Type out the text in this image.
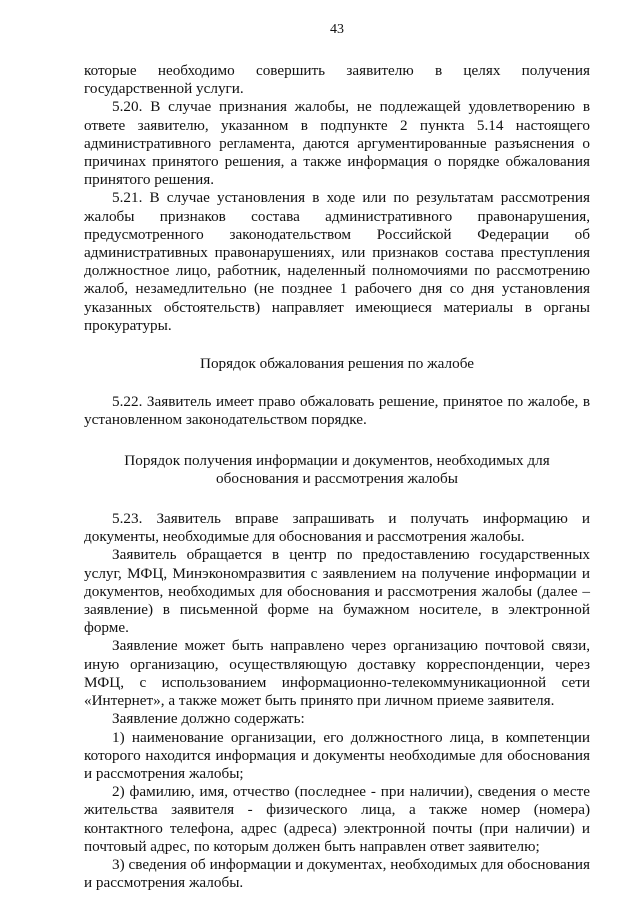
43

которые необходимо совершить заявителю в целях получения государственной услуги.

5.20. В случае признания жалобы, не подлежащей удовлетворению в ответе заявителю, указанном в подпункте 2 пункта 5.14 настоящего административного регламента, даются аргументированные разъяснения о причинах принятого решения, а также информация о порядке обжалования принятого решения.

5.21. В случае установления в ходе или по результатам рассмотрения жалобы признаков состава административного правонарушения, предусмотренного законодательством Российской Федерации об административных правонарушениях, или признаков состава преступления должностное лицо, работник, наделенный полномочиями по рассмотрению жалоб, незамедлительно (не позднее 1 рабочего дня со дня установления указанных обстоятельств) направляет имеющиеся материалы в органы прокуратуры.

Порядок обжалования решения по жалобе

5.22. Заявитель имеет право обжаловать решение, принятое по жалобе, в установленном законодательством порядке.

Порядок получения информации и документов, необходимых для обоснования и рассмотрения жалобы

5.23. Заявитель вправе запрашивать и получать информацию и документы, необходимые для обоснования и рассмотрения жалобы.

Заявитель обращается в центр по предоставлению государственных услуг, МФЦ, Минэкономразвития с заявлением на получение информации и документов, необходимых для обоснования и рассмотрения жалобы (далее – заявление) в письменной форме на бумажном носителе, в электронной форме.

Заявление может быть направлено через организацию почтовой связи, иную организацию, осуществляющую доставку корреспонденции, через МФЦ, с использованием информационно-телекоммуникационной сети «Интернет», а также может быть принято при личном приеме заявителя.

Заявление должно содержать:

1) наименование организации, его должностного лица, в компетенции которого находится информация и документы необходимые для обоснования и рассмотрения жалобы;

2) фамилию, имя, отчество (последнее - при наличии), сведения о месте жительства заявителя - физического лица, а также номер (номера) контактного телефона, адрес (адреса) электронной почты (при наличии) и почтовый адрес, по которым должен быть направлен ответ заявителю;

3) сведения об информации и документах, необходимых для обоснования и рассмотрения жалобы.
